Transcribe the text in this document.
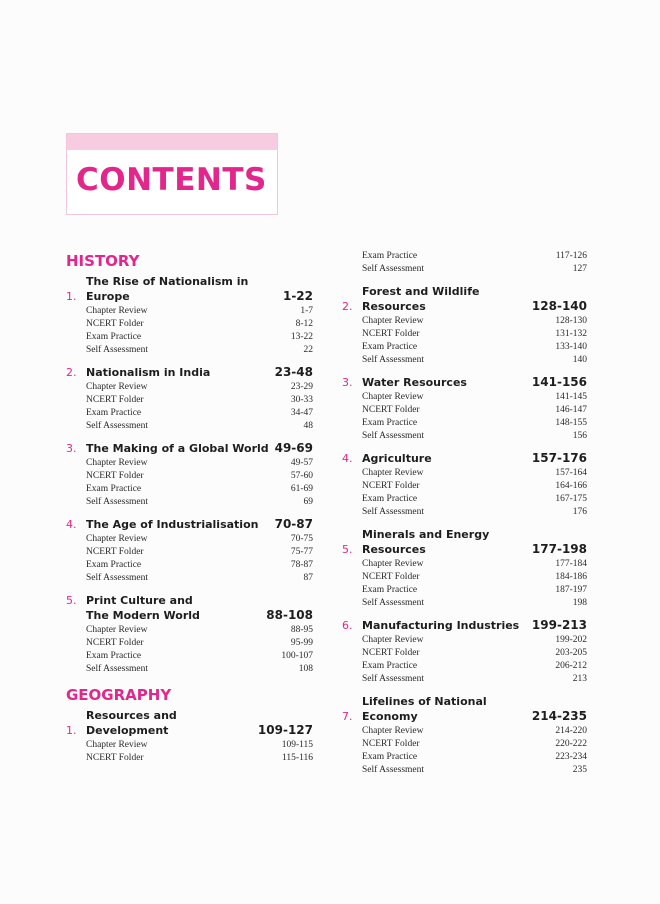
CONTENTS
HISTORY
1.
The Rise of Nationalism in Europe	1-22
Chapter Review	1-7
NCERT Folder	8-12
Exam Practice	13-22
Self Assessment	22
2. Nationalism in India	23-48
Chapter Review	23-29
NCERT Folder	30-33
Exam Practice	34-47
Self Assessment	48
3. The Making of a Global World 49-69
Chapter Review	49-57
NCERT Folder	57-60
Exam Practice	61-69
Self Assessment	69
4. The Age of Industrialisation	70-87
Chapter Review	70-75
NCERT Folder	75-77
Exam Practice	78-87
Self Assessment	87
5. Print Culture and
The Modern World	88-108
Chapter Review	88-95
NCERT Folder	95-99
Exam Practice	100-107
Self Assessment	108
GEOGRAPHY
1.
Resources and Development	109-127
Chapter Review	109-115
NCERT Folder	115-116
Exam Practice	117-126
Self Assessment	127
2.
Forest and Wildlife Resources	128-140
Chapter Review	128-130
NCERT Folder	131-132
Exam Practice	133-140
Self Assessment	140
3. Water Resources	141-156
Chapter Review	141-145
NCERT Folder	146-147
Exam Practice	148-155
Self Assessment	156
4. Agriculture	157-176
Chapter Review	157-164
NCERT Folder	164-166
Exam Practice	167-175
Self Assessment	176
5.
Minerals and Energy Resources	177-198
Chapter Review	177-184
NCERT Folder	184-186
Exam Practice	187-197
Self Assessment	198
6. Manufacturing Industries	199-213
Chapter Review	199-202
NCERT Folder	203-205
Exam Practice	206-212
Self Assessment	213
7.
Lifelines of National Economy	214-235
Chapter Review	214-220
NCERT Folder	220-222
Exam Practice	223-234
Self Assessment	235
